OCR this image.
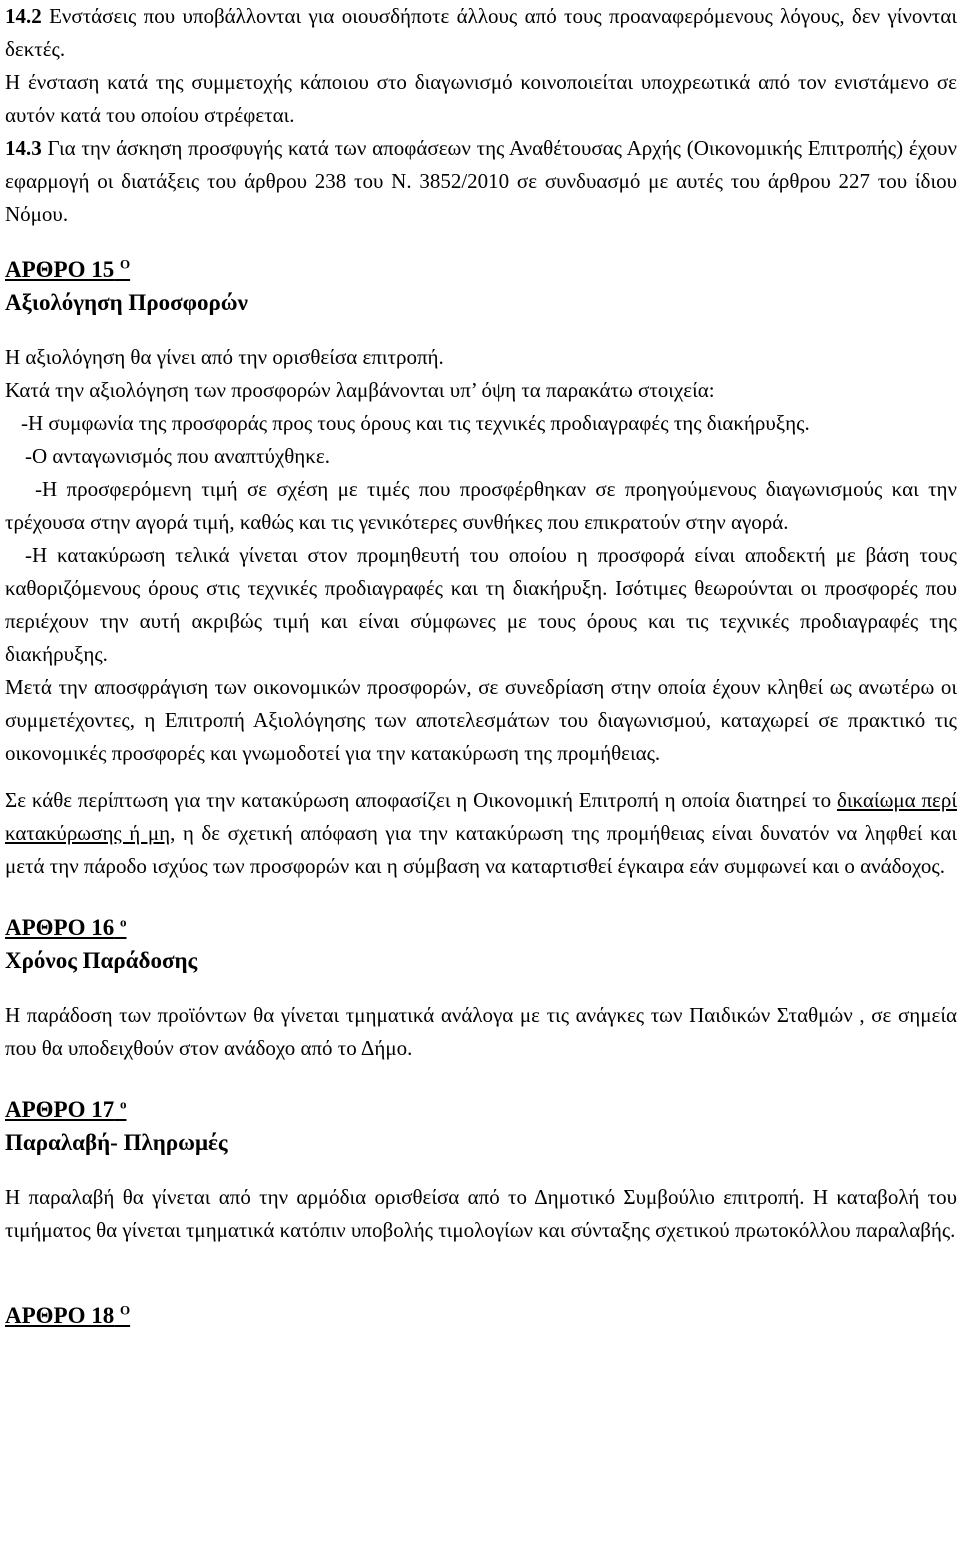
14.2 Ενστάσεις που υποβάλλονται για οιουσδήποτε άλλους από τους προαναφερόμενους λόγους, δεν γίνονται δεκτές.

Η ένσταση κατά της συμμετοχής κάποιου στο διαγωνισμό κοινοποιείται υποχρεωτικά από τον ενιστάμενο σε αυτόν κατά του οποίου στρέφεται.

14.3 Για την άσκηση προσφυγής κατά των αποφάσεων της Αναθέτουσας Αρχής (Οικονομικής Επιτροπής) έχουν εφαρμογή οι διατάξεις του άρθρου 238 του Ν. 3852/2010 σε συνδυασμό με αυτές του άρθρου 227 του ίδιου Νόμου.

ΑΡΘΡΟ 15 $^O$

Αξιολόγηση Προσφορών

Η αξιολόγηση θα γίνει από την ορισθείσα επιτροπή.

Κατά την αξιολόγηση των προσφορών λαμβάνονται υπ’ όψη τα παρακάτω στοιχεία:

-Η συμφωνία της προσφοράς προς τους όρους και τις τεχνικές προδιαγραφές της διακήρυξης.

-Ο ανταγωνισμός που αναπτύχθηκε.

-Η προσφερόμενη τιμή σε σχέση με τιμές που προσφέρθηκαν σε προηγούμενους διαγωνισμούς και την τρέχουσα στην αγορά τιμή, καθώς και τις γενικότερες συνθήκες που επικρατούν στην αγορά.

-Η κατακύρωση τελικά γίνεται στον προμηθευτή του οποίου η προσφορά είναι αποδεκτή με βάση τους καθοριζόμενους όρους στις τεχνικές προδιαγραφές και τη διακήρυξη. Ισότιμες θεωρούνται οι προσφορές που περιέχουν την αυτή ακριβώς τιμή και είναι σύμφωνες με τους όρους και τις τεχνικές προδιαγραφές της διακήρυξης.

Μετά την αποσφράγιση των οικονομικών προσφορών, σε συνεδρίαση στην οποία έχουν κληθεί ως ανωτέρω οι συμμετέχοντες, η Επιτροπή Αξιολόγησης των αποτελεσμάτων του διαγωνισμού, καταχωρεί σε πρακτικό τις οικονομικές προσφορές και γνωμοδοτεί για την κατακύρωση της προμήθειας.

Σε κάθε περίπτωση για την κατακύρωση αποφασίζει η Οικονομική Επιτροπή η οποία διατηρεί το δικαίωμα περί κατακύρωσης ή μη, η δε σχετική απόφαση για την κατακύρωση της προμήθειας είναι δυνατόν να ληφθεί και μετά την πάροδο ισχύος των προσφορών και η σύμβαση να καταρτισθεί έγκαιρα εάν συμφωνεί και ο ανάδοχος.

ΑΡΘΡΟ 16 $^o$

Χρόνος Παράδοσης

Η παράδοση των προϊόντων θα γίνεται τμηματικά ανάλογα με τις ανάγκες των Παιδικών Σταθμών , σε σημεία που θα υποδειχθούν στον ανάδοχο από το Δήμο.

ΑΡΘΡΟ 17 $^o$

Παραλαβή- Πληρωμές

Η παραλαβή θα γίνεται από την αρμόδια ορισθείσα από το Δημοτικό Συμβούλιο επιτροπή. Η καταβολή του τιμήματος θα γίνεται τμηματικά κατόπιν υποβολής τιμολογίων και σύνταξης σχετικού πρωτοκόλλου παραλαβής.

ΑΡΘΡΟ 18 $^O$
